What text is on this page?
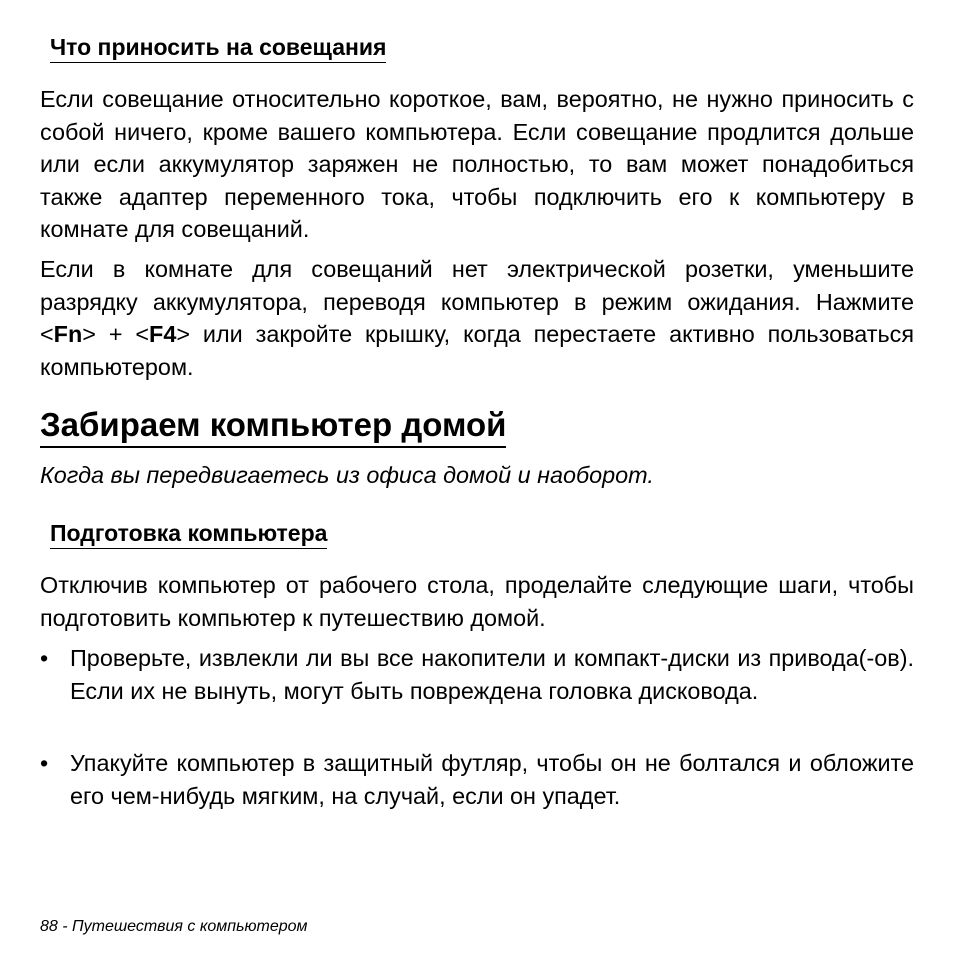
Что приносить на совещания

Если совещание относительно короткое, вам, вероятно, не нужно приносить с собой ничего, кроме вашего компьютера. Если совещание продлится дольше или если аккумулятор заряжен не полностью, то вам может понадобиться также адаптер переменного тока, чтобы подключить его к компьютеру в комнате для совещаний.

Если в комнате для совещаний нет электрической розетки, уменьшите разрядку аккумулятора, переводя компьютер в режим ожидания. Нажмите <Fn> + <F4> или закройте крышку, когда перестаете активно пользоваться компьютером.

Забираем компьютер домой

Когда вы передвигаетесь из офиса домой и наоборот.

Подготовка компьютера

Отключив компьютер от рабочего стола, проделайте следующие шаги, чтобы подготовить компьютер к путешествию домой.

• Проверьте, извлекли ли вы все накопители и компакт-диски из привода(-ов). Если их не вынуть, могут быть повреждена головка дисковода.

• Упакуйте компьютер в защитный футляр, чтобы он не болтался и обложите его чем-нибудь мягким, на случай, если он упадет.

88 - Путешествия с компьютером
